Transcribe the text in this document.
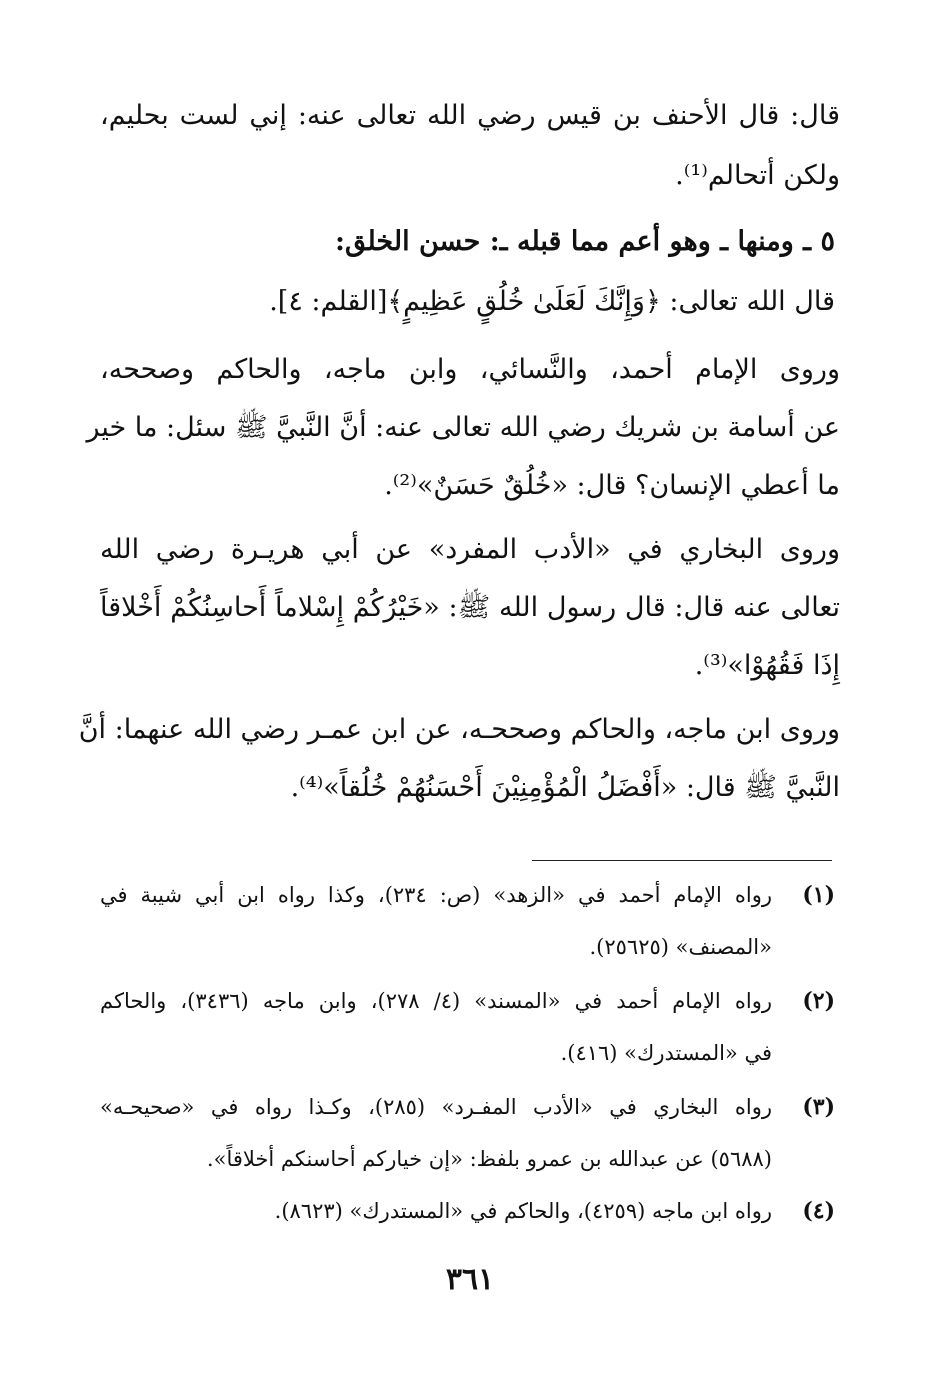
قال: قال الأحنف بن قيس رضي الله تعالى عنه: إني لست بحليم،
ولكن أتحالم⁽¹⁾.
٥ ـ ومنها ـ وهو أعم مما قبله ـ: حسن الخلق:
قال الله تعالى: ﴿وَإِنَّكَ لَعَلَىٰ خُلُقٍ عَظِيمٍ﴾[القلم: ٤].
وروى الإمام أحمد، والنَّسائي، وابن ماجه، والحاكم وصححه،
عن أسامة بن شريك رضي الله تعالى عنه: أنَّ النَّبيَّ ﷺ سئل: ما خير
ما أعطي الإنسان؟ قال: «خُلُقٌ حَسَنٌ»⁽²⁾.
وروى البخاري في «الأدب المفرد» عن أبي هريـرة رضي الله
تعالى عنه قال: قال رسول الله ﷺ: «خَيْرُكُمْ إِسْلاماً أَحاسِنُكُمْ أَخْلاقاً
إِذَا فَقُهُوْا»⁽³⁾.
وروى ابن ماجه، والحاكم وصححـه، عن ابن عمـر رضي الله عنهما: أنَّ
النَّبيَّ ﷺ قال: «أَفْضَلُ الْمُؤْمِنِيْنَ أَحْسَنُهُمْ خُلُقاً»⁽⁴⁾.
(١)
رواه الإمام أحمد في «الزهد» (ص: ٢٣٤)، وكذا رواه ابن أبي شيبة في
«المصنف» (٢٥٦٢٥).
(٢)
رواه الإمام أحمد في «المسند» (٤/ ٢٧٨)، وابن ماجه (٣٤٣٦)، والحاكم
في «المستدرك» (٤١٦).
(٣)
رواه البخاري في «الأدب المفـرد» (٢٨٥)، وكـذا رواه في «صحيحـه»
(٥٦٨٨) عن عبدالله بن عمرو بلفظ: «إن خياركم أحاسنكم أخلاقاً».
(٤)
رواه ابن ماجه (٤٢٥٩)، والحاكم في «المستدرك» (٨٦٢٣).
٣٦١
